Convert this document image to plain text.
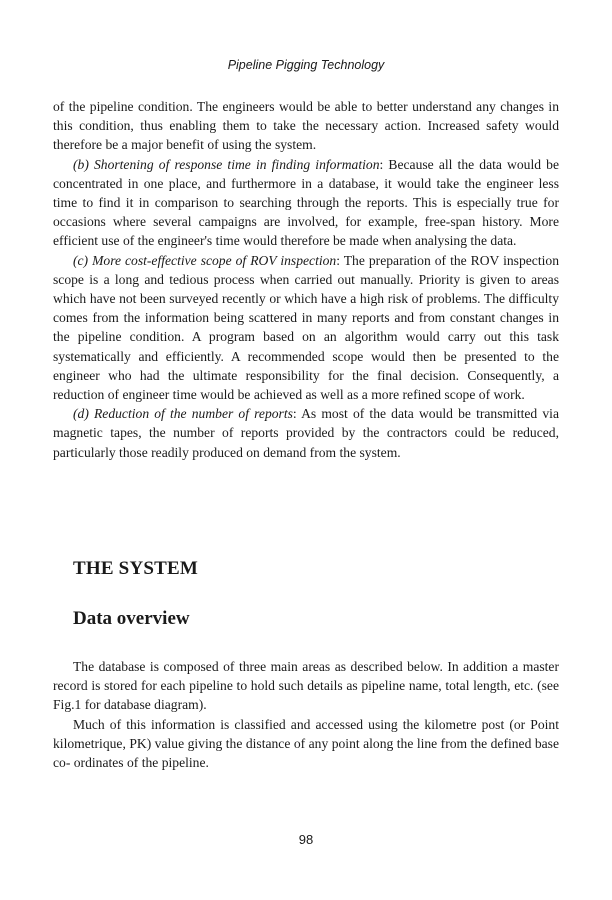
Pipeline Pigging Technology

of the pipeline condition. The engineers would be able to better understand any changes in this condition, thus enabling them to take the necessary action. Increased safety would therefore be a major benefit of using the system.

(b) Shortening of response time in finding information: Because all the data would be concentrated in one place, and furthermore in a database, it would take the engineer less time to find it in comparison to searching through the reports. This is especially true for occasions where several campaigns are involved, for example, free-span history. More efficient use of the engineer's time would therefore be made when analysing the data.

(c) More cost-effective scope of ROV inspection: The preparation of the ROV inspection scope is a long and tedious process when carried out manually. Priority is given to areas which have not been surveyed recently or which have a high risk of problems. The difficulty comes from the information being scattered in many reports and from constant changes in the pipeline condition. A program based on an algorithm would carry out this task systematically and efficiently. A recommended scope would then be presented to the engineer who had the ultimate responsibility for the final decision. Consequently, a reduction of engineer time would be achieved as well as a more refined scope of work.

(d) Reduction of the number of reports: As most of the data would be transmitted via magnetic tapes, the number of reports provided by the contractors could be reduced, particularly those readily produced on demand from the system.

THE SYSTEM
Data overview

The database is composed of three main areas as described below. In addition a master record is stored for each pipeline to hold such details as pipeline name, total length, etc. (see Fig.1 for database diagram).

Much of this information is classified and accessed using the kilometre post (or Point kilometrique, PK) value giving the distance of any point along the line from the defined base co- ordinates of the pipeline.

98
